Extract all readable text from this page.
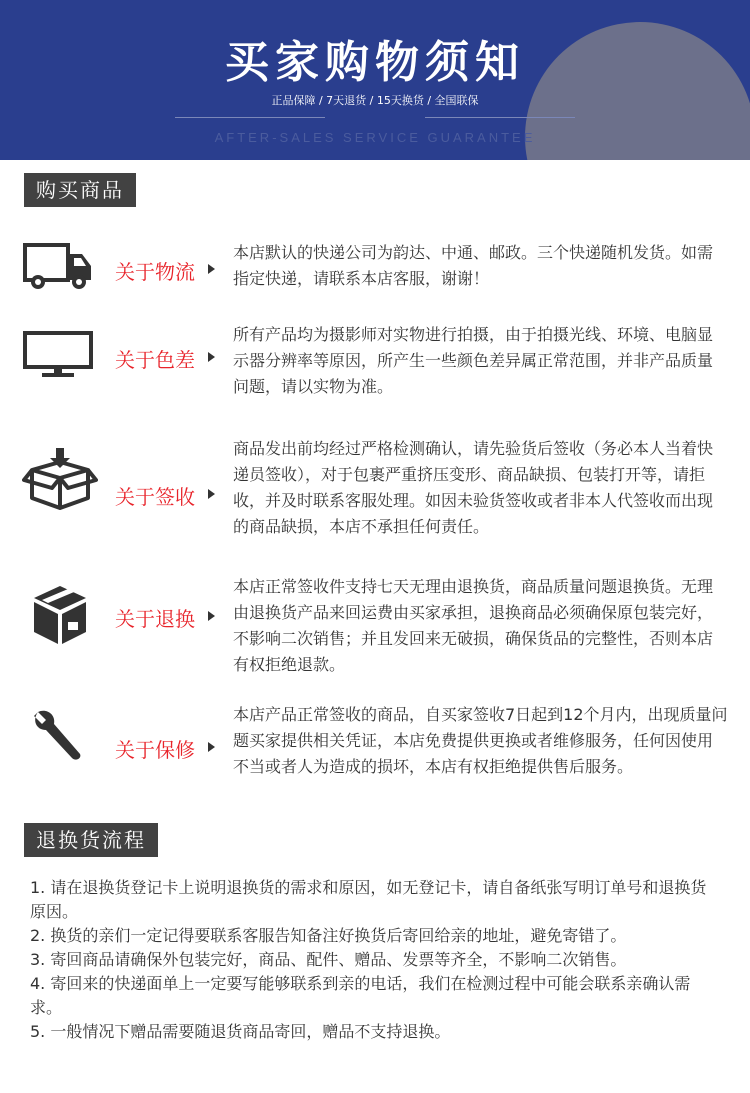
买家购物须知
正品保障 / 7天退货 / 15天换货 / 全国联保
AFTER-SALES SERVICE GUARANTEE
购买商品
关于物流
本店默认的快递公司为韵达、中通、邮政。三个快递随机发货。如需指定快递，请联系本店客服，谢谢！
关于色差
所有产品均为摄影师对实物进行拍摄，由于拍摄光线、环境、电脑显示器分辨率等原因，所产生一些颜色差异属正常范围，并非产品质量问题，请以实物为准。
关于签收
商品发出前均经过严格检测确认，请先验货后签收（务必本人当着快递员签收），对于包裹严重挤压变形、商品缺损、包装打开等，请拒收，并及时联系客服处理。如因未验货签收或者非本人代签收而出现的商品缺损，本店不承担任何责任。
关于退换
本店正常签收件支持七天无理由退换货，商品质量问题退换货。无理由退换货产品来回运费由买家承担，退换商品必须确保原包装完好，不影响二次销售；并且发回来无破损，确保货品的完整性，否则本店有权拒绝退款。
关于保修
本店产品正常签收的商品，自买家签收7日起到12个月内，出现质量问题买家提供相关凭证，本店免费提供更换或者维修服务，任何因使用不当或者人为造成的损坏，本店有权拒绝提供售后服务。
退换货流程

1. 请在退换货登记卡上说明退换货的需求和原因，如无登记卡，请自备纸张写明订单号和退换货原因。

2. 换货的亲们一定记得要联系客服告知备注好换货后寄回给亲的地址，避免寄错了。

3. 寄回商品请确保外包装完好，商品、配件、赠品、发票等齐全，不影响二次销售。

4. 寄回来的快递面单上一定要写能够联系到亲的电话，我们在检测过程中可能会联系亲确认需求。

5. 一般情况下赠品需要随退货商品寄回，赠品不支持退换。
